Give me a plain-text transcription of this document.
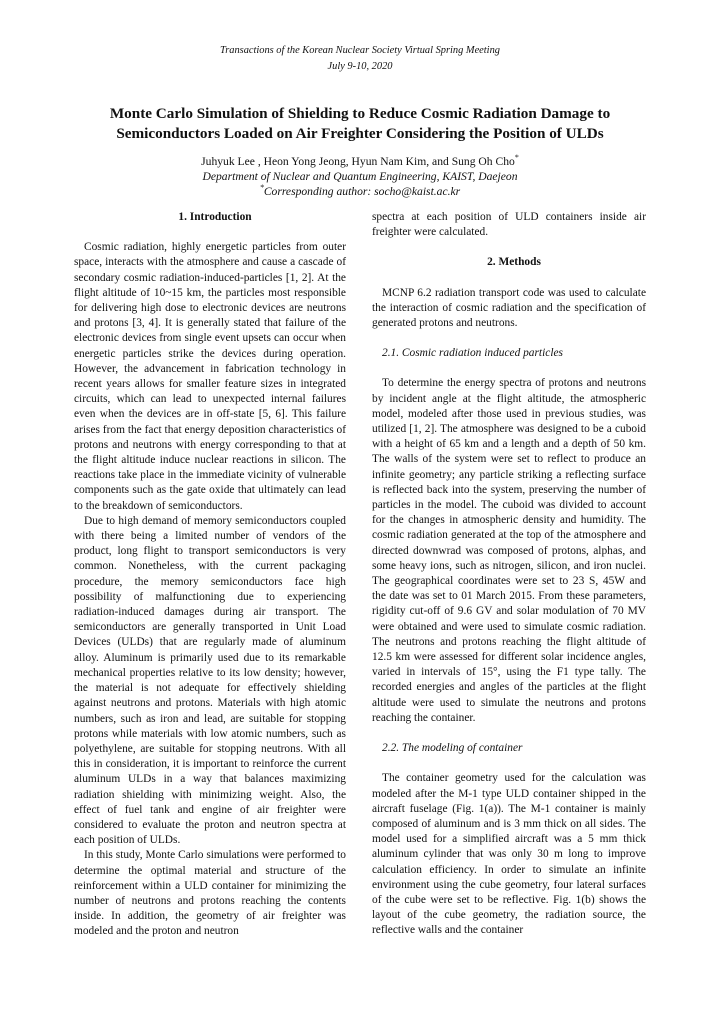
Transactions of the Korean Nuclear Society Virtual Spring Meeting
July 9-10, 2020
Monte Carlo Simulation of Shielding to Reduce Cosmic Radiation Damage to
Semiconductors Loaded on Air Freighter Considering the Position of ULDs
Juhyuk Lee , Heon Yong Jeong, Hyun Nam Kim, and Sung Oh Cho*
Department of Nuclear and Quantum Engineering, KAIST, Daejeon
*Corresponding author: socho@kaist.ac.kr

1. Introduction

Cosmic radiation, highly energetic particles from outer space, interacts with the atmosphere and cause a cascade of secondary cosmic radiation-induced-particles [1, 2]. At the flight altitude of 10~15 km, the particles most responsible for delivering high dose to electronic devices are neutrons and protons [3, 4]. It is generally stated that failure of the electronic devices from single event upsets can occur when energetic particles strike the devices during operation. However, the advancement in fabrication technology in recent years allows for smaller feature sizes in integrated circuits, which can lead to unexpected internal failures even when the devices are in off-state [5, 6]. This failure arises from the fact that energy deposition characteristics of protons and neutrons with energy corresponding to that at the flight altitude induce nuclear reactions in silicon. The reactions take place in the immediate vicinity of vulnerable components such as the gate oxide that ultimately can lead to the breakdown of semiconductors.

Due to high demand of memory semiconductors coupled with there being a limited number of vendors of the product, long flight to transport semiconductors is very common. Nonetheless, with the current packaging procedure, the memory semiconductors face high possibility of malfunctioning due to experiencing radiation-induced damages during air transport. The semiconductors are generally transported in Unit Load Devices (ULDs) that are regularly made of aluminum alloy. Aluminum is primarily used due to its remarkable mechanical properties relative to its low density; however, the material is not adequate for effectively shielding against neutrons and protons. Materials with high atomic numbers, such as iron and lead, are suitable for stopping protons while materials with low atomic numbers, such as polyethylene, are suitable for stopping neutrons. With all this in consideration, it is important to reinforce the current aluminum ULDs in a way that balances maximizing radiation shielding with minimizing weight. Also, the effect of fuel tank and engine of air freighter were considered to evaluate the proton and neutron spectra at each position of ULDs.

In this study, Monte Carlo simulations were performed to determine the optimal material and structure of the reinforcement within a ULD container for minimizing the number of neutrons and protons reaching the contents inside. In addition, the geometry of air freighter was modeled and the proton and neutron

spectra at each position of ULD containers inside air freighter were calculated.

2. Methods

MCNP 6.2 radiation transport code was used to calculate the interaction of cosmic radiation and the specification of generated protons and neutrons.

2.1. Cosmic radiation induced particles

To determine the energy spectra of protons and neutrons by incident angle at the flight altitude, the atmospheric model, modeled after those used in previous studies, was utilized [1, 2]. The atmosphere was designed to be a cuboid with a height of 65 km and a length and a depth of 50 km. The walls of the system were set to reflect to produce an infinite geometry; any particle striking a reflecting surface is reflected back into the system, preserving the number of particles in the model. The cuboid was divided to account for the changes in atmospheric density and humidity. The cosmic radiation generated at the top of the atmosphere and directed downwrad was composed of protons, alphas, and some heavy ions, such as nitrogen, silicon, and iron nuclei. The geographical coordinates were set to 23 S, 45W and the date was set to 01 March 2015. From these parameters, rigidity cut-off of 9.6 GV and solar modulation of 70 MV were obtained and were used to simulate cosmic radiation. The neutrons and protons reaching the flight altitude of 12.5 km were assessed for different solar incidence angles, varied in intervals of 15°, using the F1 type tally. The recorded energies and angles of the particles at the flight altitude were used to simulate the neutrons and protons reaching the container.

2.2. The modeling of container

The container geometry used for the calculation was modeled after the M-1 type ULD container shipped in the aircraft fuselage (Fig. 1(a)). The M-1 container is mainly composed of aluminum and is 3 mm thick on all sides. The model used for a simplified aircraft was a 5 mm thick aluminum cylinder that was only 30 m long to improve calculation efficiency. In order to simulate an infinite environment using the cube geometry, four lateral surfaces of the cube were set to be reflective. Fig. 1(b) shows the layout of the cube geometry, the radiation source, the reflective walls and the container
